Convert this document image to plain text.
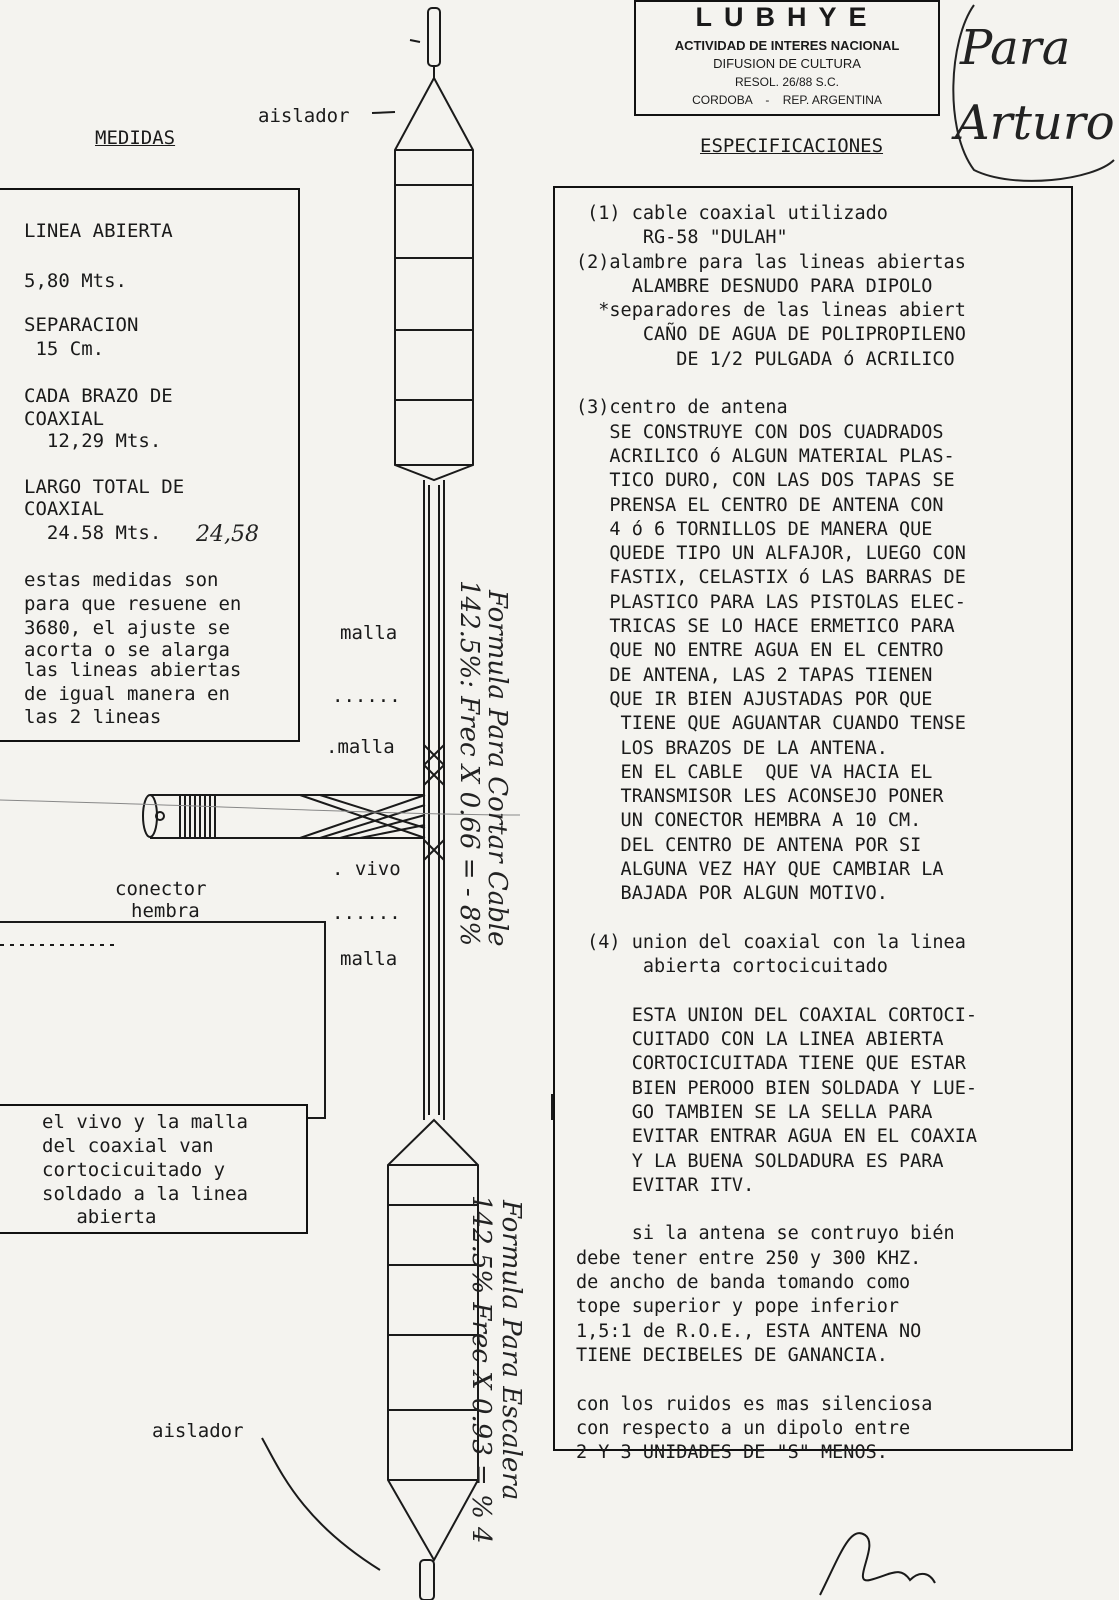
LUBHYE
ACTIVIDAD DE INTERES NACIONAL
DIFUSION DE CULTURA
RESOL. 26/88 S.C.
CORDOBA    -    REP. ARGENTINA
Para
Arturo
MEDIDAS	ESPECIFICACIONES
LINEA ABIERTA
5,80 Mts.
SEPARACION
15 Cm.
CADA BRAZO DE
COAXIAL
12,29 Mts.
LARGO TOTAL DE
COAXIAL
24.58 Mts. 24,58
estas medidas son
para que resuene en
3680, el ajuste se
acorta o se alarga
las lineas abiertas
de igual manera en
las 2 lineas
aislador
malla
......
.malla
. vivo
......
malla
conector
hembra
aislador
el vivo y la malla
del coaxial van
cortocicuitado y
soldado a la linea
abierta
Formula Para Cortar Cable
142.5%: Frec X 0.66 = - 8%
Formula Para Escalera
142.5% Frec X 0.93 = % 4
(1) cable coaxial utilizado
RG-58 "DULAH"
(2)alambre para las lineas abiertas
ALAMBRE DESNUDO PARA DIPOLO
*separadores de las lineas abiert
CAÑO DE AGUA DE POLIPROPILENO
DE 1/2 PULGADA ó ACRILICO
(3)centro de antena
SE CONSTRUYE CON DOS CUADRADOS
ACRILICO ó ALGUN MATERIAL PLAS-
TICO DURO, CON LAS DOS TAPAS SE
PRENSA EL CENTRO DE ANTENA CON
4 ó 6 TORNILLOS DE MANERA QUE
QUEDE TIPO UN ALFAJOR, LUEGO CON
FASTIX, CELASTIX ó LAS BARRAS DE
PLASTICO PARA LAS PISTOLAS ELEC-
TRICAS SE LO HACE ERMETICO PARA
QUE NO ENTRE AGUA EN EL CENTRO
DE ANTENA, LAS 2 TAPAS TIENEN
QUE IR BIEN AJUSTADAS POR QUE
TIENE QUE AGUANTAR CUANDO TENSE
LOS BRAZOS DE LA ANTENA.
EN EL CABLE  QUE VA HACIA EL
TRANSMISOR LES ACONSEJO PONER
UN CONECTOR HEMBRA A 10 CM.
DEL CENTRO DE ANTENA POR SI
ALGUNA VEZ HAY QUE CAMBIAR LA
BAJADA POR ALGUN MOTIVO.
(4) union del coaxial con la linea
abierta cortocicuitado
ESTA UNION DEL COAXIAL CORTOCI-
CUITADO CON LA LINEA ABIERTA
CORTOCICUITADA TIENE QUE ESTAR
BIEN PEROOO BIEN SOLDADA Y LUE-
GO TAMBIEN SE LA SELLA PARA
EVITAR ENTRAR AGUA EN EL COAXIA
Y LA BUENA SOLDADURA ES PARA
EVITAR ITV.
si la antena se contruyo bién
debe tener entre 250 y 300 KHZ.
de ancho de banda tomando como
tope superior y pope inferior
1,5:1 de R.O.E., ESTA ANTENA NO
TIENE DECIBELES DE GANANCIA.
con los ruidos es mas silenciosa
con respecto a un dipolo entre
2 Y 3 UNIDADES DE "S" MENOS.
